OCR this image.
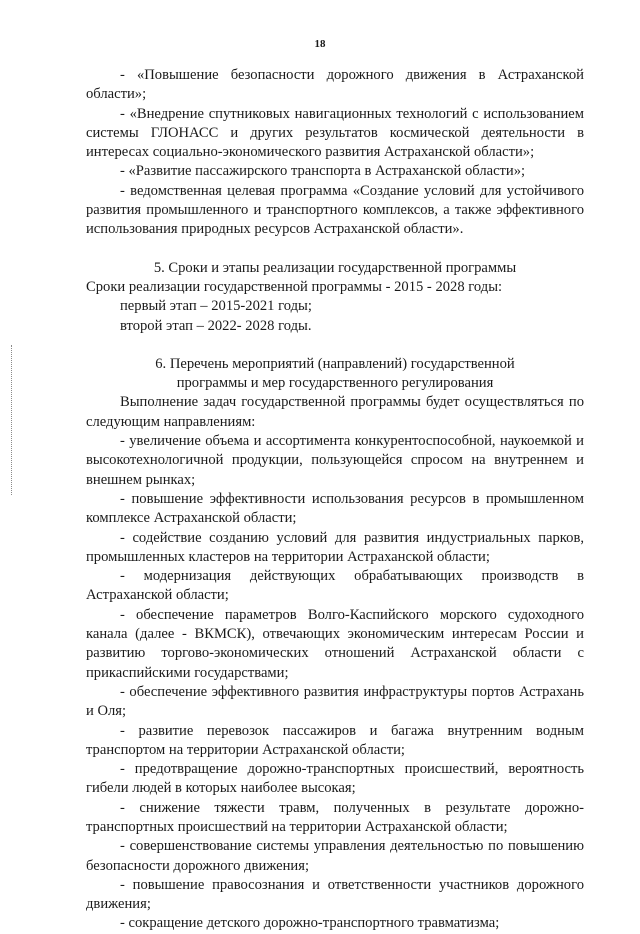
18

- «Повышение безопасности дорожного движения в Астраханской области»;

- «Внедрение спутниковых навигационных технологий с использованием системы ГЛОНАСС и других результатов космической деятельности в интересах социально-экономического развития Астраханской области»;

- «Развитие пассажирского транспорта в Астраханской области»;

- ведомственная целевая программа «Создание условий для устойчивого развития промышленного и транспортного комплексов, а также эффективного использования природных ресурсов Астраханской области».

5. Сроки и этапы реализации государственной программы

Сроки реализации государственной программы - 2015 - 2028 годы:

первый этап – 2015-2021 годы;

второй этап – 2022- 2028 годы.

6. Перечень мероприятий (направлений) государственной

программы и мер государственного регулирования

Выполнение задач государственной программы будет осуществляться по следующим направлениям:

- увеличение объема и ассортимента конкурентоспособной, наукоемкой и высокотехнологичной продукции, пользующейся спросом на внутреннем и внешнем рынках;

- повышение эффективности использования ресурсов в промышленном комплексе Астраханской области;

- содействие созданию условий для развития индустриальных парков, промышленных кластеров на территории Астраханской области;

- модернизация действующих обрабатывающих производств в Астраханской области;

- обеспечение параметров Волго-Каспийского морского судоходного канала (далее - ВКМСК), отвечающих экономическим интересам России и развитию торгово-экономических отношений Астраханской области с прикаспийскими государствами;

- обеспечение эффективного развития инфраструктуры портов Астрахань и Оля;

- развитие перевозок пассажиров и багажа внутренним водным транспортом на территории Астраханской области;

- предотвращение дорожно-транспортных происшествий, вероятность гибели людей в которых наиболее высокая;

- снижение тяжести травм, полученных в результате дорожно-транспортных происшествий на территории Астраханской области;

- совершенствование системы управления деятельностью по повышению безопасности дорожного движения;

- повышение правосознания и ответственности участников дорожного движения;

- сокращение детского дорожно-транспортного травматизма;
